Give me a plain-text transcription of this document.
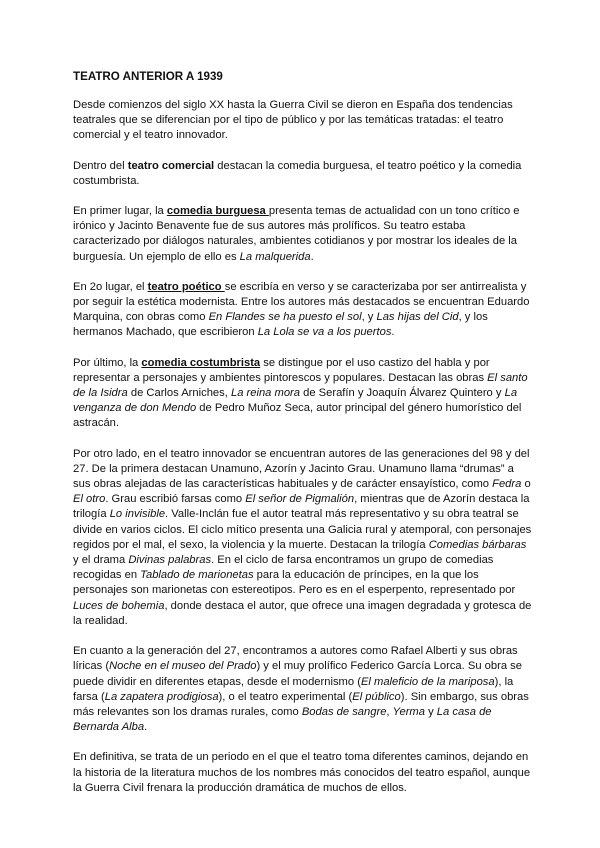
TEATRO ANTERIOR A 1939

Desde comienzos del siglo XX hasta la Guerra Civil se dieron en España dos tendencias teatrales que se diferencian por el tipo de público y por las temáticas tratadas: el teatro comercial y el teatro innovador.

Dentro del teatro comercial destacan la comedia burguesa, el teatro poético y la comedia costumbrista.

En primer lugar, la comedia burguesa presenta temas de actualidad con un tono crítico e irónico y Jacinto Benavente fue de sus autores más prolíficos. Su teatro estaba caracterizado por diálogos naturales, ambientes cotidianos y por mostrar los ideales de la burguesía. Un ejemplo de ello es La malquerida.

En 2o lugar, el teatro poético se escribía en verso y se caracterizaba por ser antirrealista y por seguir la estética modernista. Entre los autores más destacados se encuentran Eduardo Marquina, con obras como En Flandes se ha puesto el sol, y Las hijas del Cid, y los hermanos Machado, que escribieron La Lola se va a los puertos.

Por último, la comedia costumbrista se distingue por el uso castizo del habla y por representar a personajes y ambientes pintorescos y populares. Destacan las obras El santo de la Isidra de Carlos Arniches, La reina mora de Serafín y Joaquín Álvarez Quintero y La venganza de don Mendo de Pedro Muñoz Seca, autor principal del género humorístico del astracán.

Por otro lado, en el teatro innovador se encuentran autores de las generaciones del 98 y del 27. De la primera destacan Unamuno, Azorín y Jacinto Grau. Unamuno llama “drumas” a sus obras alejadas de las características habituales y de carácter ensayístico, como Fedra o El otro. Grau escribió farsas como El señor de Pigmalión, mientras que de Azorín destaca la trilogía Lo invisible. Valle-Inclán fue el autor teatral más representativo y su obra teatral se divide en varios ciclos. El ciclo mítico presenta una Galicia rural y atemporal, con personajes regidos por el mal, el sexo, la violencia y la muerte. Destacan la trilogía Comedias bárbaras y el drama Divinas palabras. En el ciclo de farsa encontramos un grupo de comedias recogidas en Tablado de marionetas para la educación de príncipes, en la que los personajes son marionetas con estereotipos. Pero es en el esperpento, representado por Luces de bohemia, donde destaca el autor, que ofrece una imagen degradada y grotesca de la realidad.

En cuanto a la generación del 27, encontramos a autores como Rafael Alberti y sus obras líricas (Noche en el museo del Prado) y el muy prolífico Federico García Lorca. Su obra se puede dividir en diferentes etapas, desde el modernismo (El maleficio de la mariposa), la farsa (La zapatera prodigiosa), o el teatro experimental (El público). Sin embargo, sus obras más relevantes son los dramas rurales, como Bodas de sangre, Yerma y La casa de Bernarda Alba.

En definitiva, se trata de un periodo en el que el teatro toma diferentes caminos, dejando en la historia de la literatura muchos de los nombres más conocidos del teatro español, aunque la Guerra Civil frenara la producción dramática de muchos de ellos.
